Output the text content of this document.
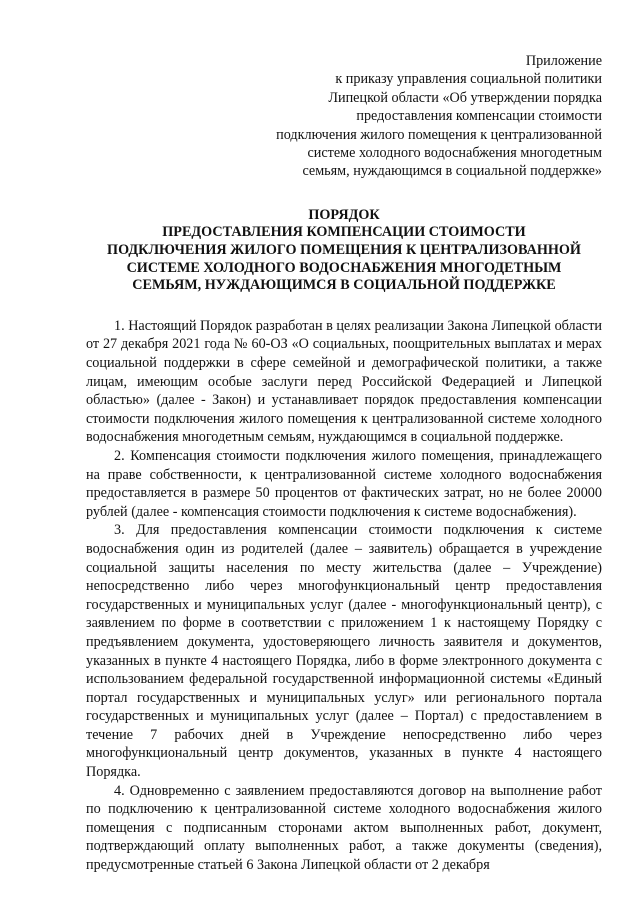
Приложение
к приказу управления социальной политики
Липецкой области «Об утверждении порядка
предоставления компенсации стоимости
подключения жилого помещения к централизованной
системе холодного водоснабжения многодетным
семьям, нуждающимся в социальной поддержке»
ПОРЯДОК
ПРЕДОСТАВЛЕНИЯ КОМПЕНСАЦИИ СТОИМОСТИ
ПОДКЛЮЧЕНИЯ ЖИЛОГО ПОМЕЩЕНИЯ К ЦЕНТРАЛИЗОВАННОЙ
СИСТЕМЕ ХОЛОДНОГО ВОДОСНАБЖЕНИЯ МНОГОДЕТНЫМ
СЕМЬЯМ, НУЖДАЮЩИМСЯ В СОЦИАЛЬНОЙ ПОДДЕРЖКЕ

1. Настоящий Порядок разработан в целях реализации Закона Липецкой области от 27 декабря 2021 года № 60-ОЗ «О социальных, поощрительных выплатах и мерах социальной поддержки в сфере семейной и демографической политики, а также лицам, имеющим особые заслуги перед Российской Федерацией и Липецкой областью» (далее - Закон) и устанавливает порядок предоставления компенсации стоимости подключения жилого помещения к централизованной системе холодного водоснабжения многодетным семьям, нуждающимся в социальной поддержке.

2. Компенсация стоимости подключения жилого помещения, принадлежащего на праве собственности, к централизованной системе холодного водоснабжения предоставляется в размере 50 процентов от фактических затрат, но не более 20000 рублей (далее - компенсация стоимости подключения к системе водоснабжения).

3. Для предоставления компенсации стоимости подключения к системе водоснабжения один из родителей (далее – заявитель) обращается в учреждение социальной защиты населения по месту жительства (далее – Учреждение) непосредственно либо через многофункциональный центр предоставления государственных и муниципальных услуг (далее - многофункциональный центр), с заявлением по форме в соответствии с приложением 1 к настоящему Порядку с предъявлением документа, удостоверяющего личность заявителя и документов, указанных в пункте 4 настоящего Порядка, либо в форме электронного документа с использованием федеральной государственной информационной системы «Единый портал государственных и муниципальных услуг» или регионального портала государственных и муниципальных услуг (далее – Портал) с предоставлением в течение 7 рабочих дней в Учреждение непосредственно либо через многофункциональный центр документов, указанных в пункте 4 настоящего Порядка.

4. Одновременно с заявлением предоставляются договор на выполнение работ по подключению к централизованной системе холодного водоснабжения жилого помещения с подписанным сторонами актом выполненных работ, документ, подтверждающий оплату выполненных работ, а также документы (сведения), предусмотренные статьей 6 Закона Липецкой области от 2 декабря
